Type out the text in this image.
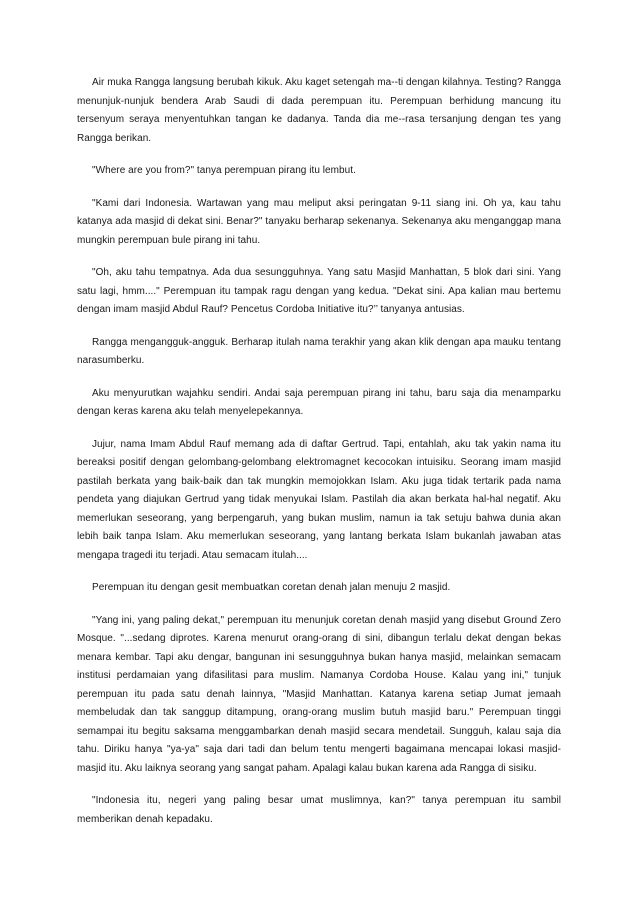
Air muka Rangga langsung berubah kikuk. Aku kaget setengah ma--ti dengan kilahnya. Testing? Rangga menunjuk-nunjuk bendera Arab Saudi di dada perempuan itu. Perempuan berhidung mancung itu tersenyum seraya menyentuhkan tangan ke dadanya. Tanda dia me--rasa tersanjung dengan tes yang Rangga berikan.

"Where are you from?" tanya perempuan pirang itu lembut.

"Kami dari Indonesia. Wartawan yang mau meliput aksi peringatan 9-11 siang ini. Oh ya, kau tahu katanya ada masjid di dekat sini. Benar?" tanyaku berharap sekenanya. Sekenanya aku menganggap mana mungkin perempuan bule pirang ini tahu.

"Oh, aku tahu tempatnya. Ada dua sesungguhnya. Yang satu Masjid Manhattan, 5 blok dari sini. Yang satu lagi, hmm...." Perempuan itu tampak ragu dengan yang kedua. "Dekat sini. Apa kalian mau bertemu dengan imam masjid Abdul Rauf? Pencetus Cordoba Initiative itu?’’ tanyanya antusias.

Rangga mengangguk-angguk. Berharap itulah nama terakhir yang akan klik dengan apa mauku tentang narasumberku.

Aku menyurutkan wajahku sendiri. Andai saja perempuan pirang ini tahu, baru saja dia menamparku dengan keras karena aku telah menyelepekannya.

Jujur, nama Imam Abdul Rauf memang ada di daftar Gertrud. Tapi, entahlah, aku tak yakin nama itu bereaksi positif dengan gelombang-gelombang elektromagnet kecocokan intuisiku. Seorang imam masjid pastilah berkata yang baik-baik dan tak mungkin memojokkan Islam. Aku juga tidak tertarik pada nama pendeta yang diajukan Gertrud yang tidak menyukai Islam. Pastilah dia akan berkata hal-hal negatif. Aku memerlukan seseorang, yang berpengaruh, yang bukan muslim, namun ia tak setuju bahwa dunia akan lebih baik tanpa Islam. Aku memerlukan seseorang, yang lantang berkata Islam bukanlah jawaban atas mengapa tragedi itu terjadi. Atau semacam itulah....

Perempuan itu dengan gesit membuatkan coretan denah jalan menuju 2 masjid.

"Yang ini, yang paling dekat," perempuan itu menunjuk coretan denah masjid yang disebut Ground Zero Mosque. "...sedang diprotes. Karena menurut orang-orang di sini, dibangun terlalu dekat dengan bekas menara kembar. Tapi aku dengar, bangunan ini sesungguhnya bukan hanya masjid, melainkan semacam institusi perdamaian yang difasilitasi para muslim. Namanya Cordoba House. Kalau yang ini," tunjuk perempuan itu pada satu denah lainnya, "Masjid Manhattan. Katanya karena setiap Jumat jemaah membeludak dan tak sanggup ditampung, orang-orang muslim butuh masjid baru." Perempuan tinggi semampai itu begitu saksama menggambarkan denah masjid secara mendetail. Sungguh, kalau saja dia tahu. Diriku hanya "ya-ya" saja dari tadi dan belum tentu mengerti bagaimana mencapai lokasi masjid-masjid itu. Aku laiknya seorang yang sangat paham. Apalagi kalau bukan karena ada Rangga di sisiku.

"Indonesia itu, negeri yang paling besar umat muslimnya, kan?" tanya perempuan itu sambil memberikan denah kepadaku.
